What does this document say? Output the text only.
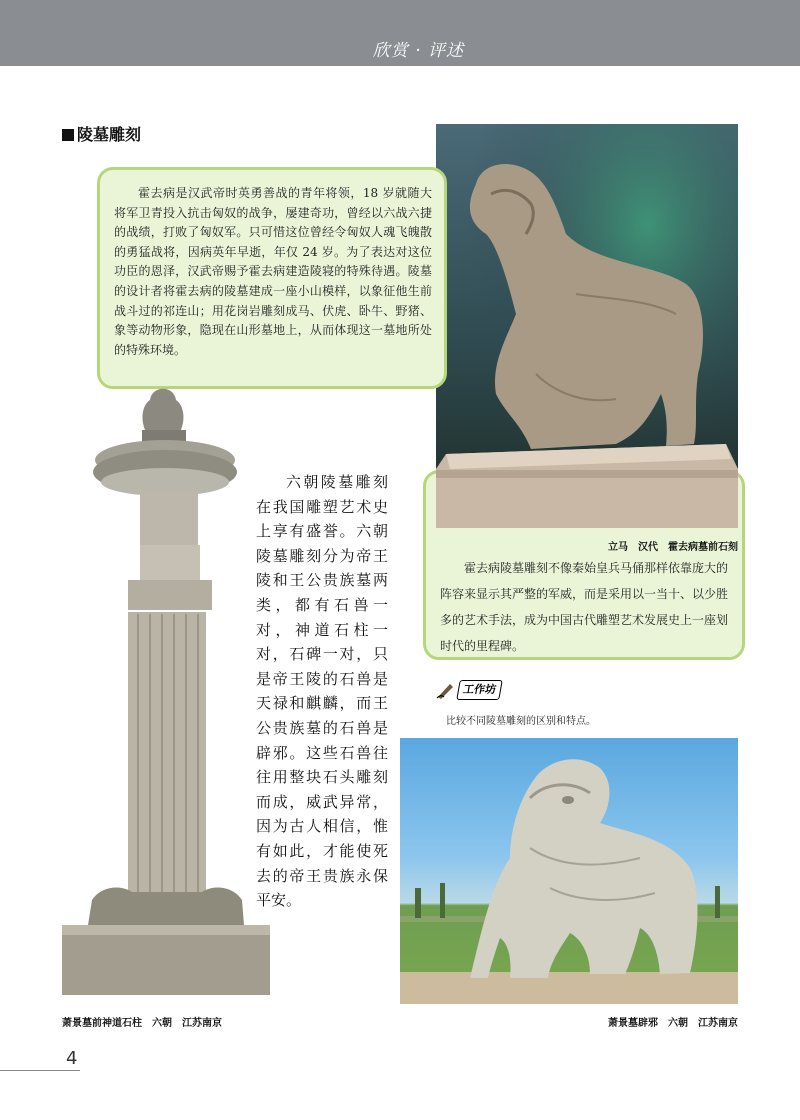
欣赏 · 评述
陵墓雕刻
霍去病是汉武帝时英勇善战的青年将领，18 岁就随大将军卫青投入抗击匈奴的战争，屡建奇功，曾经以六战六捷的战绩，打败了匈奴军。只可惜这位曾经令匈奴人魂飞魄散的勇猛战将，因病英年早逝，年仅 24 岁。为了表达对这位功臣的恩泽，汉武帝赐予霍去病建造陵寝的特殊待遇。陵墓的设计者将霍去病的陵墓建成一座小山模样，以象征他生前战斗过的祁连山；用花岗岩雕刻成马、伏虎、卧牛、野猪、象等动物形象，隐现在山形墓地上，从而体现这一墓地所处的特殊环境。
六朝陵墓雕刻在我国雕塑艺术史上享有盛誉。六朝陵墓雕刻分为帝王陵和王公贵族墓两类，都有石兽一对，神道石柱一对，石碑一对，只是帝王陵的石兽是天禄和麒麟，而王公贵族墓的石兽是辟邪。这些石兽往往用整块石头雕刻而成，威武异常，因为古人相信，惟有如此，才能使死去的帝王贵族永保平安。
霍去病陵墓雕刻不像秦始皇兵马俑那样依靠庞大的阵容来显示其严整的军威，而是采用以一当十、以少胜多的艺术手法，成为中国古代雕塑艺术发展史上一座划时代的里程碑。
立马　汉代　霍去病墓前石刻
工作坊
比较不同陵墓雕刻的区别和特点。
萧景墓前神道石柱　六朝　江苏南京	萧景墓辟邪　六朝　江苏南京
4
